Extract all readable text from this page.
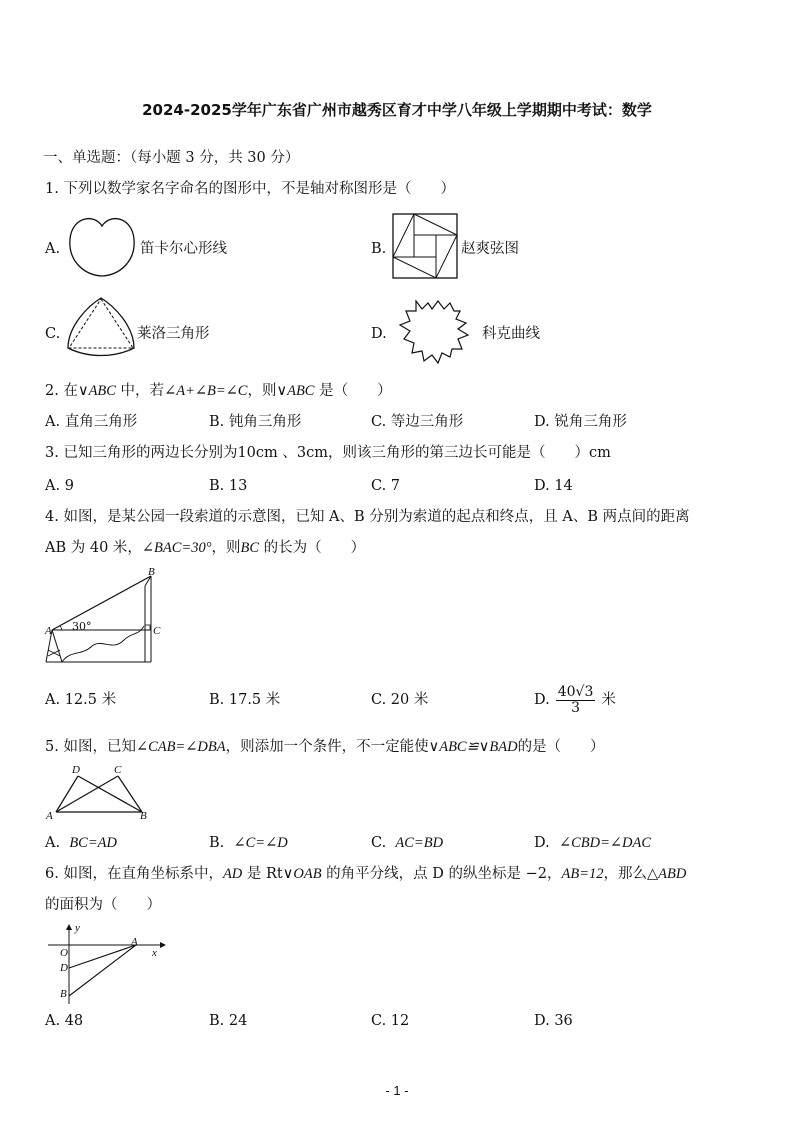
2024-2025学年广东省广州市越秀区育才中学八年级上学期期中考试：数学
一、单选题：（每小题 3 分，共 30 分）
1. 下列以数学家名字命名的图形中，不是轴对称图形是（　　）
A.	笛卡尔心形线	B.	赵爽弦图
C.	莱洛三角形	D.	科克曲线
2. 在∨ABC 中，若∠A+∠B=∠C，则∨ABC 是（　　）
A. 直角三角形	B. 钝角三角形	C. 等边三角形	D. 锐角三角形
3. 已知三角形的两边长分别为10cm 、3cm，则该三角形的第三边长可能是（　　）cm
A. 9	B. 13	C. 7	D. 14
4. 如图，是某公园一段索道的示意图，已知 A、B 分别为索道的起点和终点，且 A、B 两点间的距离
AB 为 40 米，∠BAC=30°，则BC 的长为（　　）
B
A	C
30°
A. 12.5 米	B. 17.5 米	C. 20 米	D. $\frac{40√3}{3}$ 米
5. 如图，已知∠CAB=∠DBA，则添加一个条件，不一定能使∨ABC≌∨BAD的是（　　）
D	C
A	B
A. BC=AD	B. ∠C=∠D	C. AC=BD	D. ∠CBD=∠DAC
6. 如图，在直角坐标系中，AD 是 Rt∨OAB 的角平分线，点 D 的纵坐标是 −2，AB=12，那么△ABD
的面积为（　　）
y
x
O
D
A
B
A. 48	B. 24	C. 12	D. 36
- 1 -
